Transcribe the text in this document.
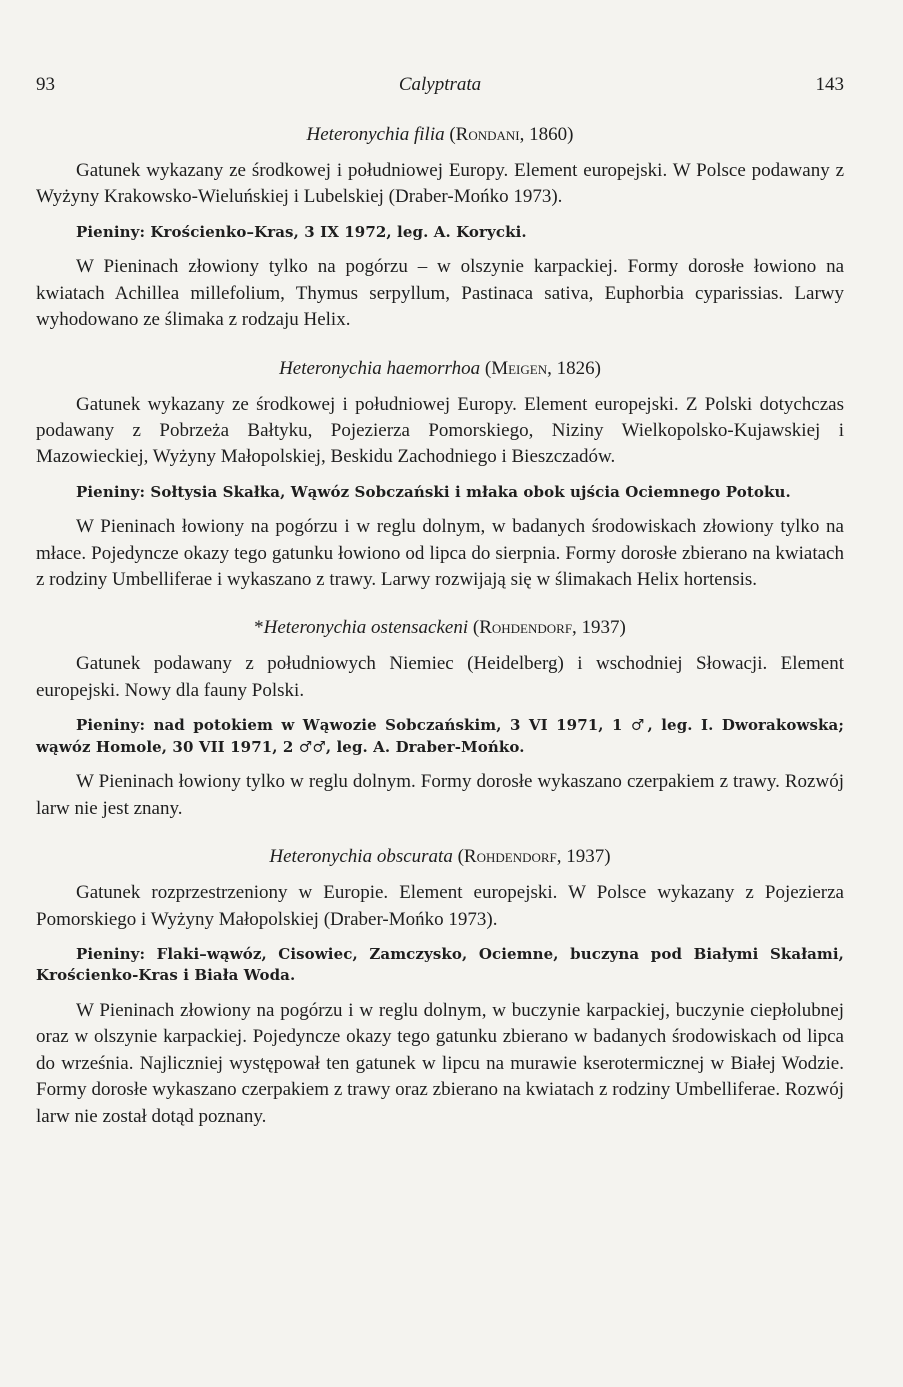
93	Calyptrata	143

Heteronychia filia (Rondani, 1860)

Gatunek wykazany ze środkowej i południowej Europy. Element europejski. W Polsce podawany z Wyżyny Krakowsko-Wieluńskiej i Lubelskiej (Draber-Mońko 1973).

Pieniny: Krościenko–Kras, 3 IX 1972, leg. A. Korycki.

W Pieninach złowiony tylko na pogórzu – w olszynie karpackiej. Formy dorosłe łowiono na kwiatach Achillea millefolium, Thymus serpyllum, Pastinaca sativa, Euphorbia cyparissias. Larwy wyhodowano ze ślimaka z rodzaju Helix.

Heteronychia haemorrhoa (Meigen, 1826)

Gatunek wykazany ze środkowej i południowej Europy. Element europejski. Z Polski dotychczas podawany z Pobrzeża Bałtyku, Pojezierza Pomorskiego, Niziny Wielkopolsko-Kujawskiej i Mazowieckiej, Wyżyny Małopolskiej, Beskidu Zachodniego i Bieszczadów.

Pieniny: Sołtysia Skałka, Wąwóz Sobczański i młaka obok ujścia Ociemnego Potoku.

W Pieninach łowiony na pogórzu i w reglu dolnym, w badanych środowiskach złowiony tylko na młace. Pojedyncze okazy tego gatunku łowiono od lipca do sierpnia. Formy dorosłe zbierano na kwiatach z rodziny Umbelliferae i wykaszano z trawy. Larwy rozwijają się w ślimakach Helix hortensis.

*Heteronychia ostensackeni (Rohdendorf, 1937)

Gatunek podawany z południowych Niemiec (Heidelberg) i wschodniej Słowacji. Element europejski. Nowy dla fauny Polski.

Pieniny: nad potokiem w Wąwozie Sobczańskim, 3 VI 1971, 1 ♂, leg. I. Dworakowska; wąwóz Homole, 30 VII 1971, 2 ♂♂, leg. A. Draber-Mońko.

W Pieninach łowiony tylko w reglu dolnym. Formy dorosłe wykaszano czerpakiem z trawy. Rozwój larw nie jest znany.

Heteronychia obscurata (Rohdendorf, 1937)

Gatunek rozprzestrzeniony w Europie. Element europejski. W Polsce wykazany z Pojezierza Pomorskiego i Wyżyny Małopolskiej (Draber-Mońko 1973).

Pieniny: Flaki–wąwóz, Cisowiec, Zamczysko, Ociemne, buczyna pod Białymi Skałami, Krościenko-Kras i Biała Woda.

W Pieninach złowiony na pogórzu i w reglu dolnym, w buczynie karpackiej, buczynie ciepłolubnej oraz w olszynie karpackiej. Pojedyncze okazy tego gatunku zbierano w badanych środowiskach od lipca do września. Najliczniej występował ten gatunek w lipcu na murawie kserotermicznej w Białej Wodzie. Formy dorosłe wykaszano czerpakiem z trawy oraz zbierano na kwiatach z rodziny Umbelliferae. Rozwój larw nie został dotąd poznany.
